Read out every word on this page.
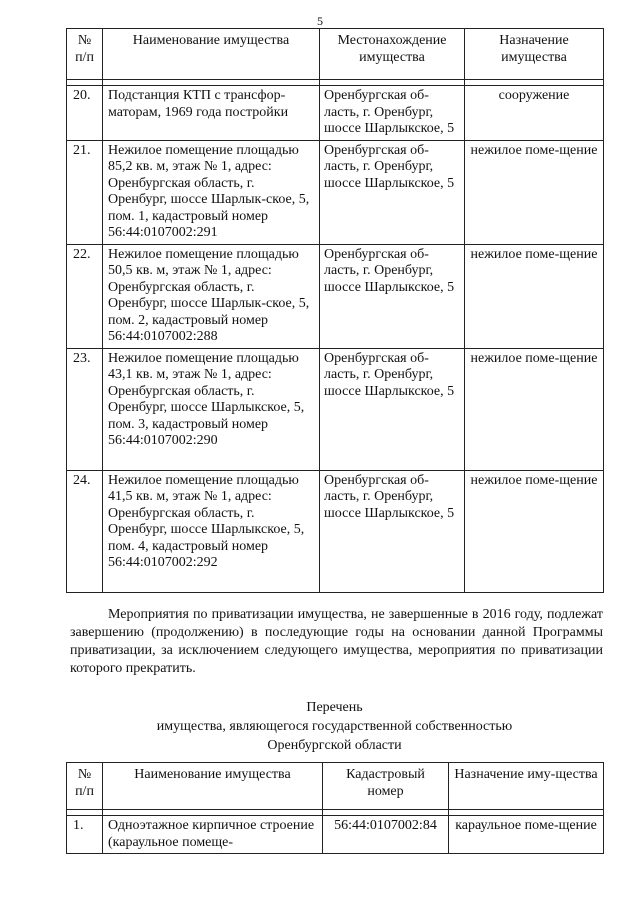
5
№ п/п	Наименование имущества	Местонахождение имущества	Назначение имущества

20.	Подстанция КТП с трансфор-маторам, 1969 года постройки	Оренбургская об-ласть, г. Оренбург, шоссе Шарлыкское, 5	сооружение
21.	Нежилое помещение площадью 85,2 кв. м, этаж № 1, адрес: Оренбургская область, г. Оренбург, шоссе Шарлык-ское, 5, пом. 1, кадастровый номер 56:44:0107002:291	Оренбургская об-ласть, г. Оренбург, шоссе Шарлыкское, 5	нежилое поме-щение
22.	Нежилое помещение площадью 50,5 кв. м, этаж № 1, адрес: Оренбургская область, г. Оренбург, шоссе Шарлык-ское, 5, пом. 2, кадастровый номер 56:44:0107002:288	Оренбургская об-ласть, г. Оренбург, шоссе Шарлыкское, 5	нежилое поме-щение
23.	Нежилое помещение площадью 43,1 кв. м, этаж № 1, адрес: Оренбургская область, г. Оренбург, шоссе Шарлыкское, 5, пом. 3, кадастровый номер 56:44:0107002:290	Оренбургская об-ласть, г. Оренбург, шоссе Шарлыкское, 5	нежилое поме-щение
24.	Нежилое помещение площадью 41,5 кв. м, этаж № 1, адрес: Оренбургская область, г. Оренбург, шоссе Шарлыкское, 5, пом. 4, кадастровый номер 56:44:0107002:292	Оренбургская об-ласть, г. Оренбург, шоссе Шарлыкское, 5	нежилое поме-щение

Мероприятия по приватизации имущества, не завершенные в 2016 году, подлежат завершению (продолжению) в последующие годы на основании данной Программы приватизации, за исключением следующего имущества, мероприятия по приватизации которого прекратить.

Перечень
имущества, являющегося государственной собственностью
Оренбургской области
№ п/п	Наименование имущества	Кадастровый номер	Назначение иму-щества

1.	Одноэтажное кирпичное строение (караульное помеще-	56:44:0107002:84	караульное поме-щение
